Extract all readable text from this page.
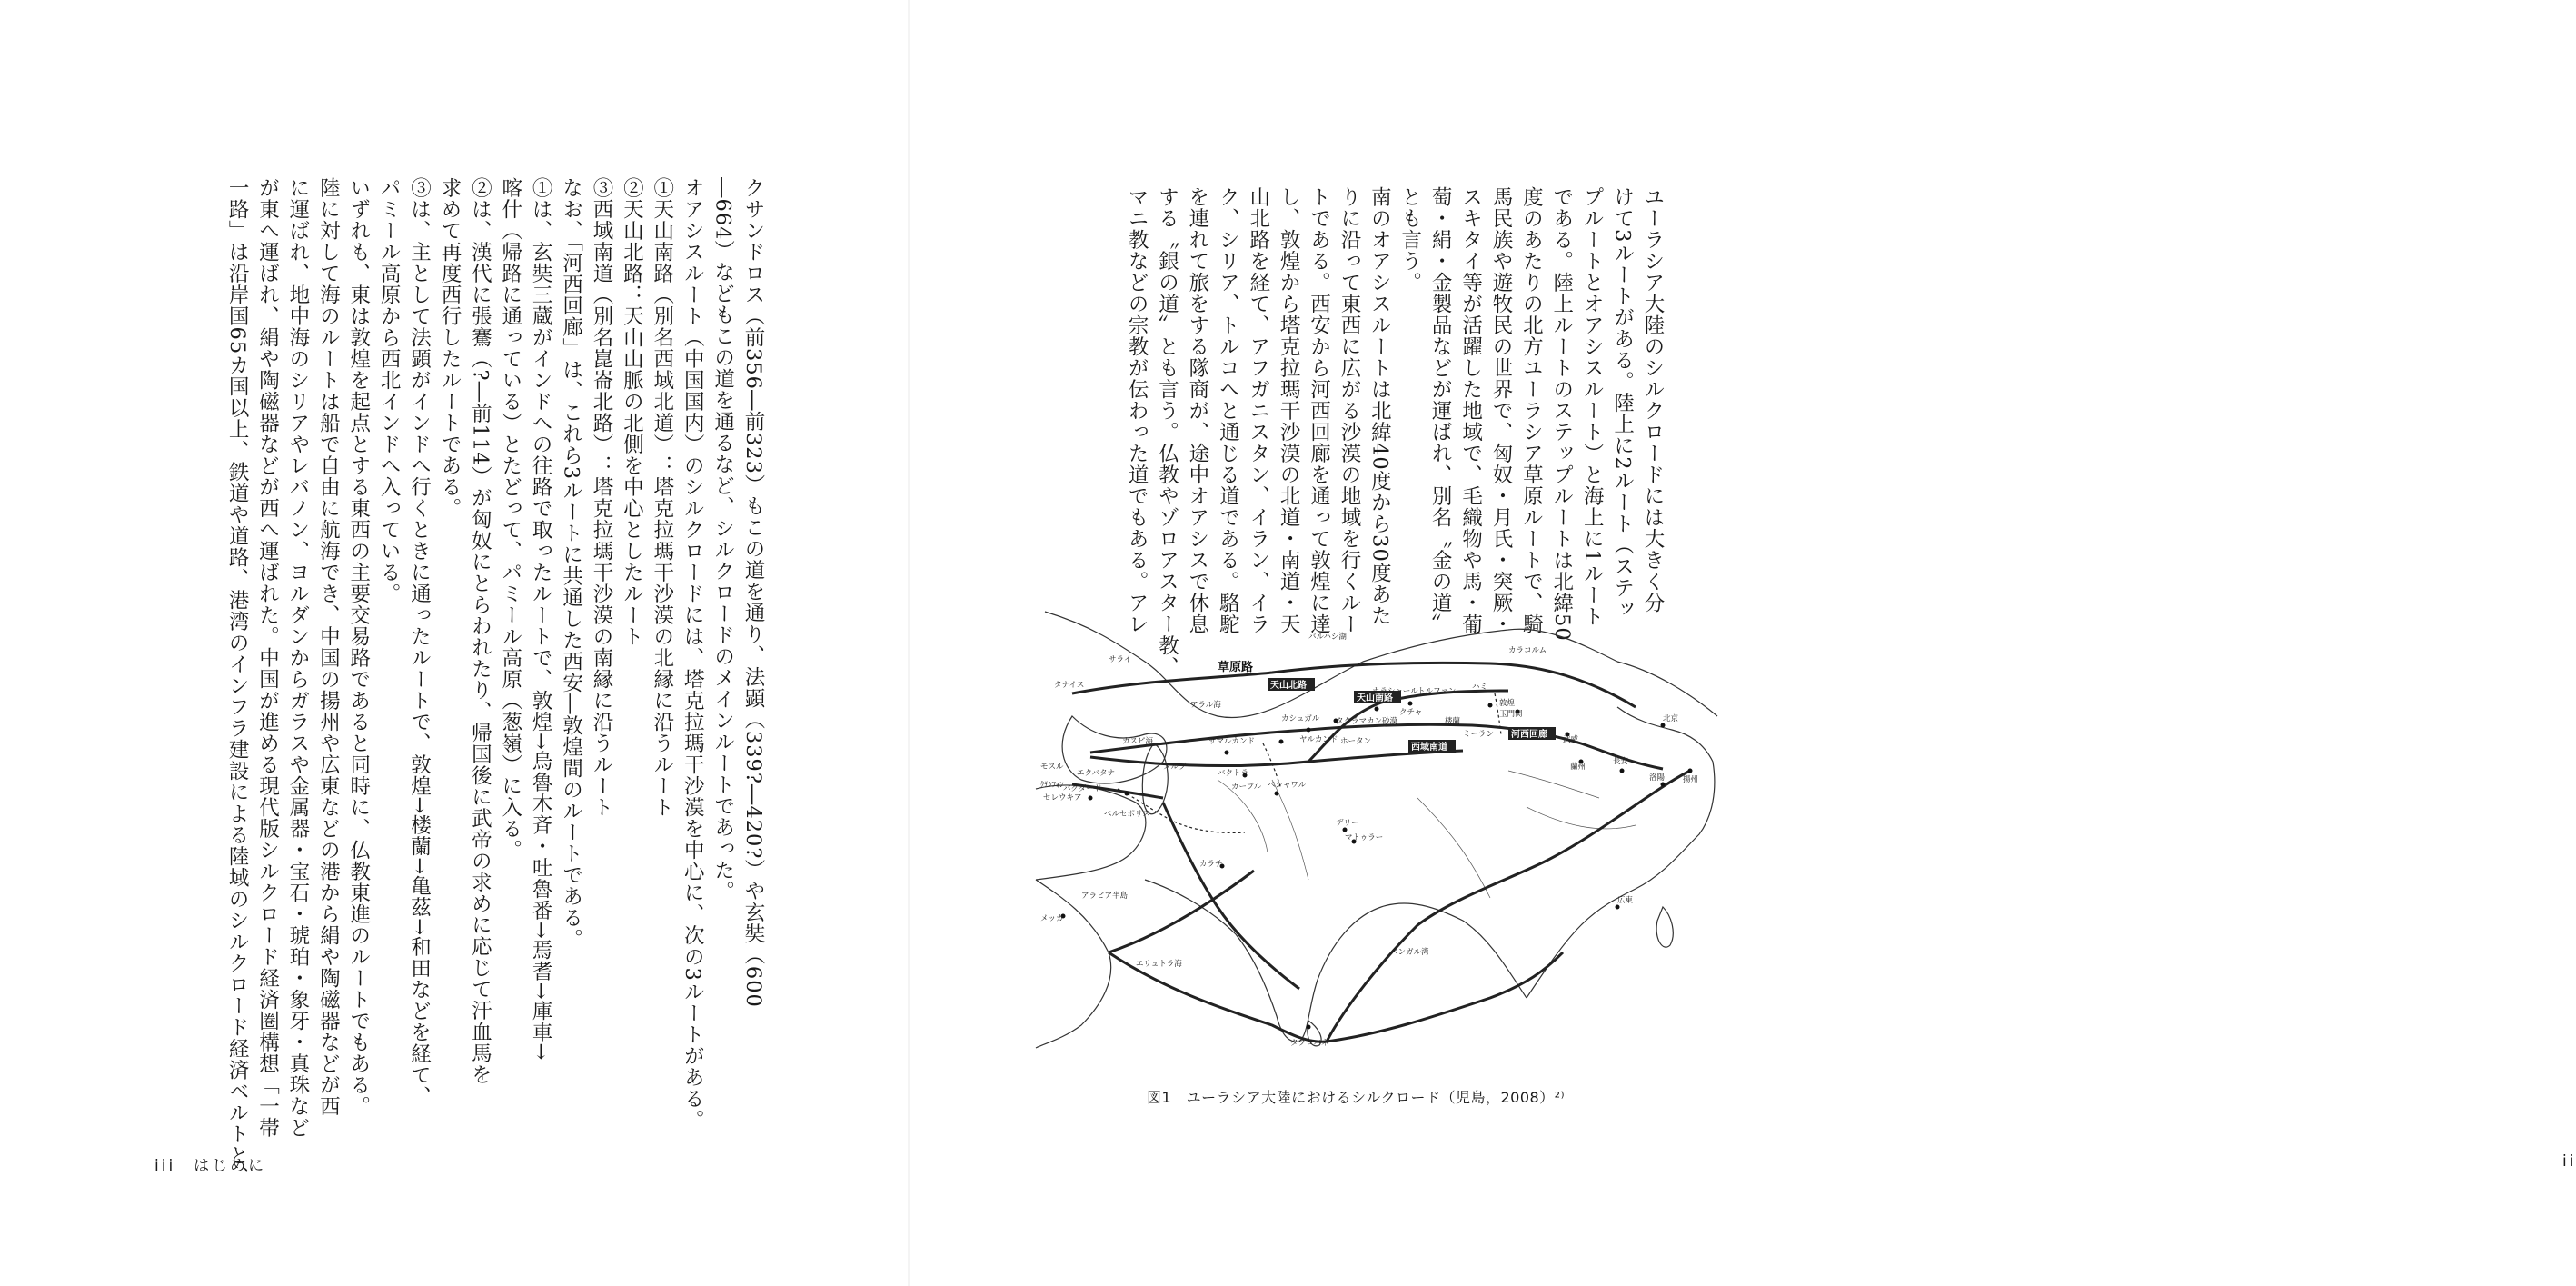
クサンドロス（前356―前323）もこの道を通り、法顕（339?―420?）や玄奘（600
―664）などもこの道を通るなど、シルクロードのメインルートであった。
オアシスルート（中国国内）のシルクロードには、塔克拉瑪干沙漠を中心に、次の3ルートがある。
①天山南路（別名西域北道）：塔克拉瑪干沙漠の北縁に沿うルート
②天山北路：天山山脈の北側を中心としたルート
③西域南道（別名崑崙北路）：塔克拉瑪干沙漠の南縁に沿うルート
なお、「河西回廊」は、これら3ルートに共通した西安―敦煌間のルートである。
①は、玄奘三蔵がインドへの往路で取ったルートで、敦煌→烏魯木斉・吐魯番→焉耆→庫車→
喀什（帰路に通っている）とたどって、パミール高原（葱嶺）に入る。
②は、漢代に張騫（?―前114）が匈奴にとらわれたり、帰国後に武帝の求めに応じて汗血馬を
求めて再度西行したルートである。
③は、主として法顕がインドへ行くときに通ったルートで、敦煌→楼蘭→亀茲→和田などを経て、
パミール高原から西北インドへ入っている。
いずれも、東は敦煌を起点とする東西の主要交易路であると同時に、仏教東進のルートでもある。
陸に対して海のルートは船で自由に航海でき、中国の揚州や広東などの港から絹や陶磁器などが西
に運ばれ、地中海のシリアやレバノン、ヨルダンからガラスや金属器・宝石・琥珀・象牙・真珠など
が東へ運ばれ、絹や陶磁器などが西へ運ばれた。中国が進める現代版シルクロード経済圏構想「一帯
一路」は沿岸国65カ国以上、鉄道や道路、港湾のインフラ建設による陸域のシルクロード経済ベルトと、
iii　はじめに
ユーラシア大陸のシルクロードには大きく分
けて3ルートがある。陸上に2ルート（ステッ
プルートとオアシスルート）と海上に1ルート
である。陸上ルートのステップルートは北緯50
度のあたりの北方ユーラシア草原ルートで、騎
馬民族や遊牧民の世界で、匈奴・月氏・突厥・
スキタイ等が活躍した地域で、毛織物や馬・葡
萄・絹・金製品などが運ばれ、別名〝金の道〟
とも言う。
南のオアシスルートは北緯40度から30度あた
りに沿って東西に広がる沙漠の地域を行くルー
トである。西安から河西回廊を通って敦煌に達
し、敦煌から塔克拉瑪干沙漠の北道・南道・天
山北路を経て、アフガニスタン、イラン、イラ
ク、シリア、トルコへと通じる道である。駱駝
を連れて旅をする隊商が、途中オアシスで休息
する〝銀の道〟とも言う。仏教やゾロアスター教、
マニ教などの宗教が伝わった道でもある。アレ
天山北路
天山南路
西域南道
河西回廊
草原路
バルハシ湖
カラコルム
サライ
タナイス
アラル海
カスピ海	サマルカンド
カシュガル
カラシャール
クチャ
トルファン ハミ
敦煌
玉門関
楼蘭
ミーラン
タクラマカン砂漠
ヤルカンド ホータン
メルブ
バクトラ
カーブル ペシャワル
武威
蘭州
長安
洛陽 揚州
北京
広東
モスル
エクバタナ
ｸﾃｼﾌｫﾝ バグダード
セレウキア
ペルセポリス
デリー
マトゥラー
カラチ
アラビア半島
メッカ
エリュトラ海
ベンガル湾
タプロバネ
図1　ユーラシア大陸におけるシルクロード（児島，2008）²⁾
ii
